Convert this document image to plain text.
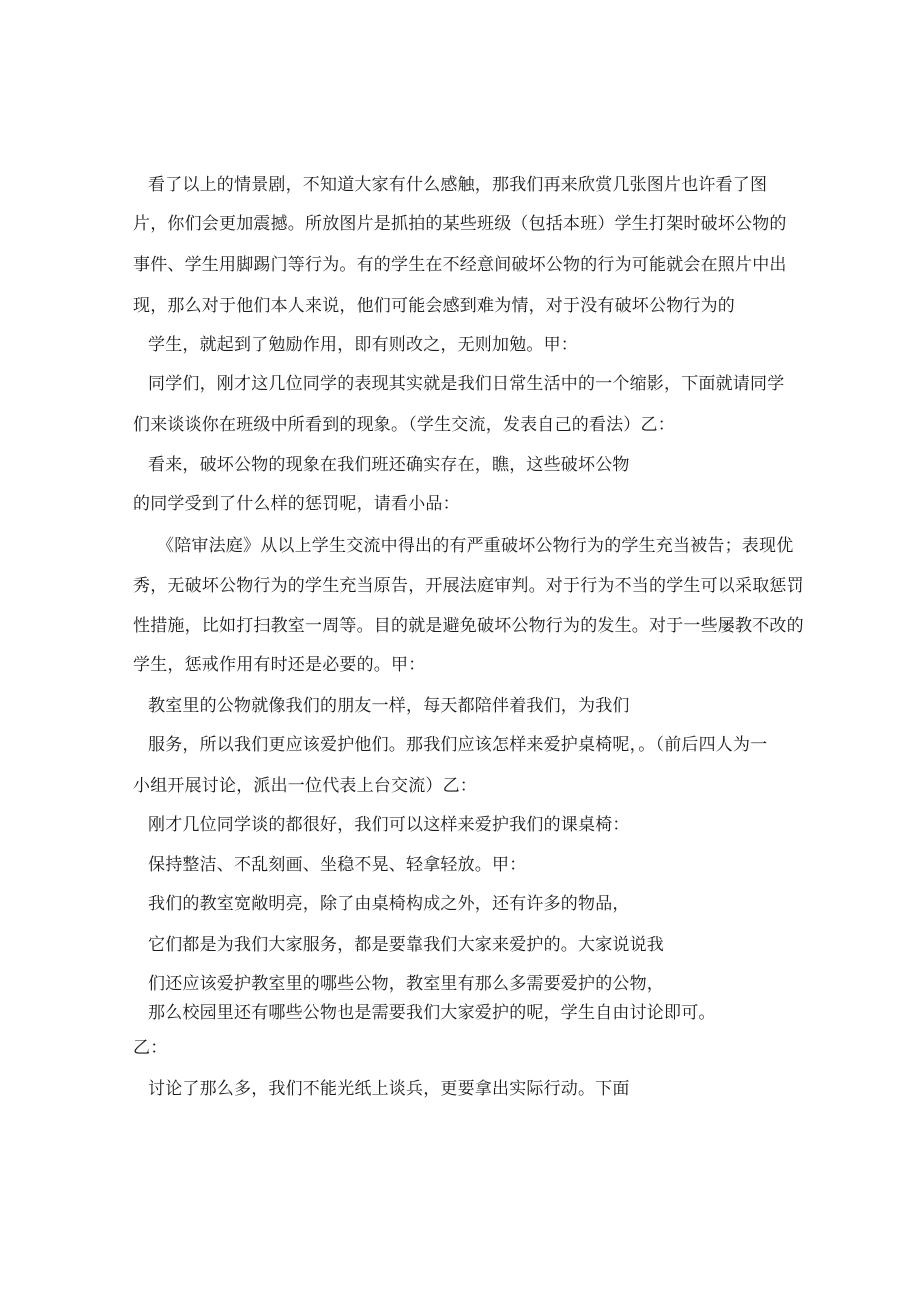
看了以上的情景剧，不知道大家有什么感触，那我们再来欣赏几张图片也许看了图
片，你们会更加震撼。所放图片是抓拍的某些班级（包括本班）学生打架时破坏公物的
事件、学生用脚踢门等行为。有的学生在不经意间破坏公物的行为可能就会在照片中出
现，那么对于他们本人来说，他们可能会感到难为情，对于没有破坏公物行为的
学生，就起到了勉励作用，即有则改之，无则加勉。甲：
同学们，刚才这几位同学的表现其实就是我们日常生活中的一个缩影，下面就请同学
们来谈谈你在班级中所看到的现象。（学生交流，发表自己的看法）乙：
看来，破坏公物的现象在我们班还确实存在，瞧，这些破坏公物
的同学受到了什么样的惩罚呢，请看小品：
《陪审法庭》从以上学生交流中得出的有严重破坏公物行为的学生充当被告；表现优
秀，无破坏公物行为的学生充当原告，开展法庭审判。对于行为不当的学生可以采取惩罚
性措施，比如打扫教室一周等。目的就是避免破坏公物行为的发生。对于一些屡教不改的
学生，惩戒作用有时还是必要的。甲：
教室里的公物就像我们的朋友一样，每天都陪伴着我们，为我们
服务，所以我们更应该爱护他们。那我们应该怎样来爱护桌椅呢，。（前后四人为一
小组开展讨论，派出一位代表上台交流）乙：
刚才几位同学谈的都很好，我们可以这样来爱护我们的课桌椅：
保持整洁、不乱刻画、坐稳不晃、轻拿轻放。甲：
我们的教室宽敞明亮，除了由桌椅构成之外，还有许多的物品，
它们都是为我们大家服务，都是要靠我们大家来爱护的。大家说说我
们还应该爱护教室里的哪些公物，教室里有那么多需要爱护的公物，
那么校园里还有哪些公物也是需要我们大家爱护的呢，学生自由讨论即可。
乙：
讨论了那么多，我们不能光纸上谈兵，更要拿出实际行动。下面
